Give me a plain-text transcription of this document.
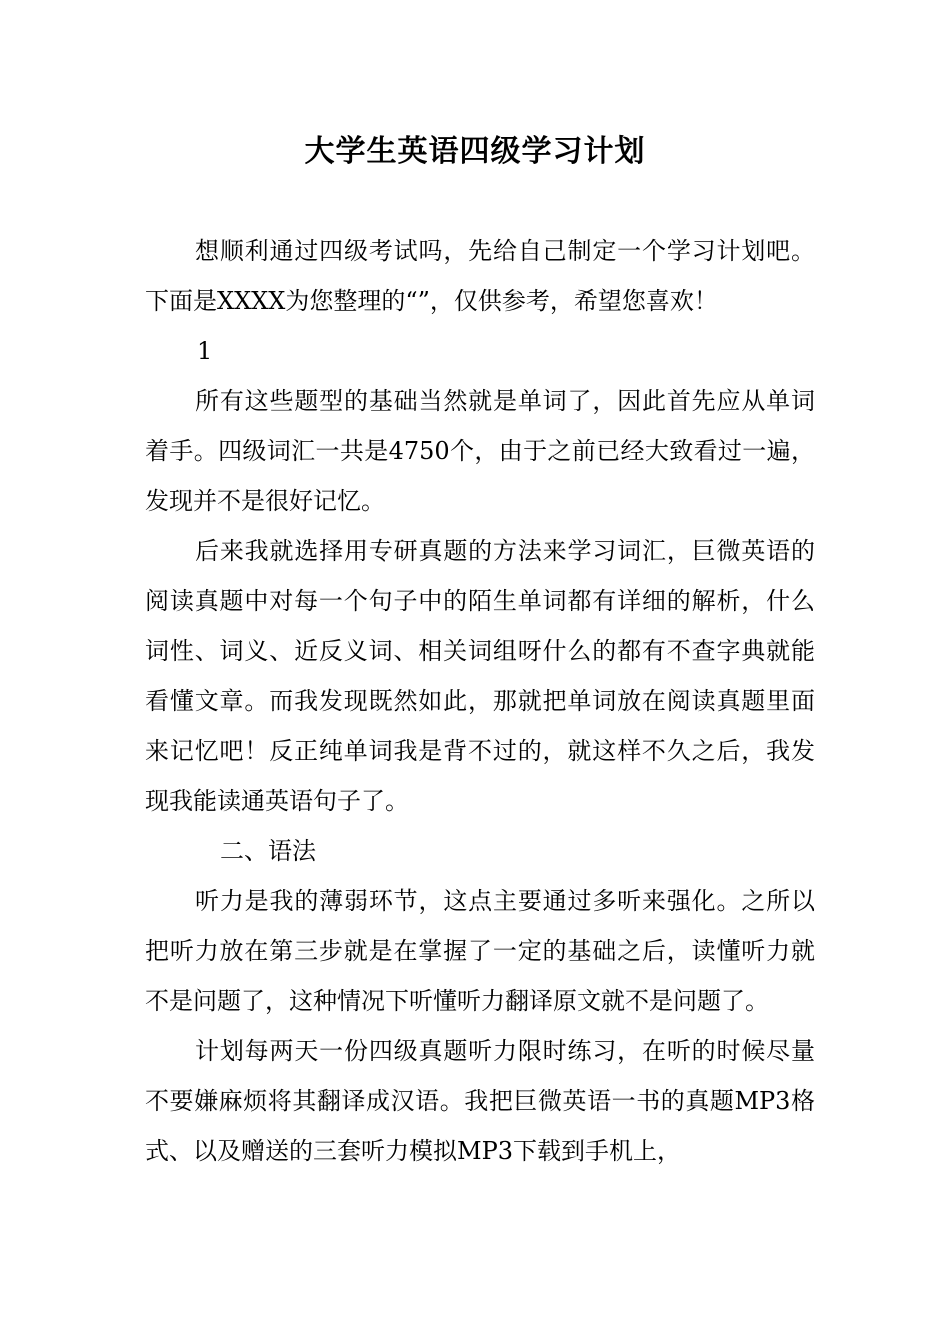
大学生英语四级学习计划

想顺利通过四级考试吗，先给自己制定一个学习计划吧。下面是XXXX为您整理的“”，仅供参考，希望您喜欢！

1

所有这些题型的基础当然就是单词了，因此首先应从单词着手。四级词汇一共是4750个，由于之前已经大致看过一遍，发现并不是很好记忆。

后来我就选择用专研真题的方法来学习词汇，巨微英语的阅读真题中对每一个句子中的陌生单词都有详细的解析，什么词性、词义、近反义词、相关词组呀什么的都有不查字典就能看懂文章。而我发现既然如此，那就把单词放在阅读真题里面来记忆吧！反正纯单词我是背不过的，就这样不久之后，我发现我能读通英语句子了。

二、语法

听力是我的薄弱环节，这点主要通过多听来强化。之所以把听力放在第三步就是在掌握了一定的基础之后，读懂听力就不是问题了，这种情况下听懂听力翻译原文就不是问题了。

计划每两天一份四级真题听力限时练习，在听的时候尽量不要嫌麻烦将其翻译成汉语。我把巨微英语一书的真题MP3格式、以及赠送的三套听力模拟MP3下载到手机上，
